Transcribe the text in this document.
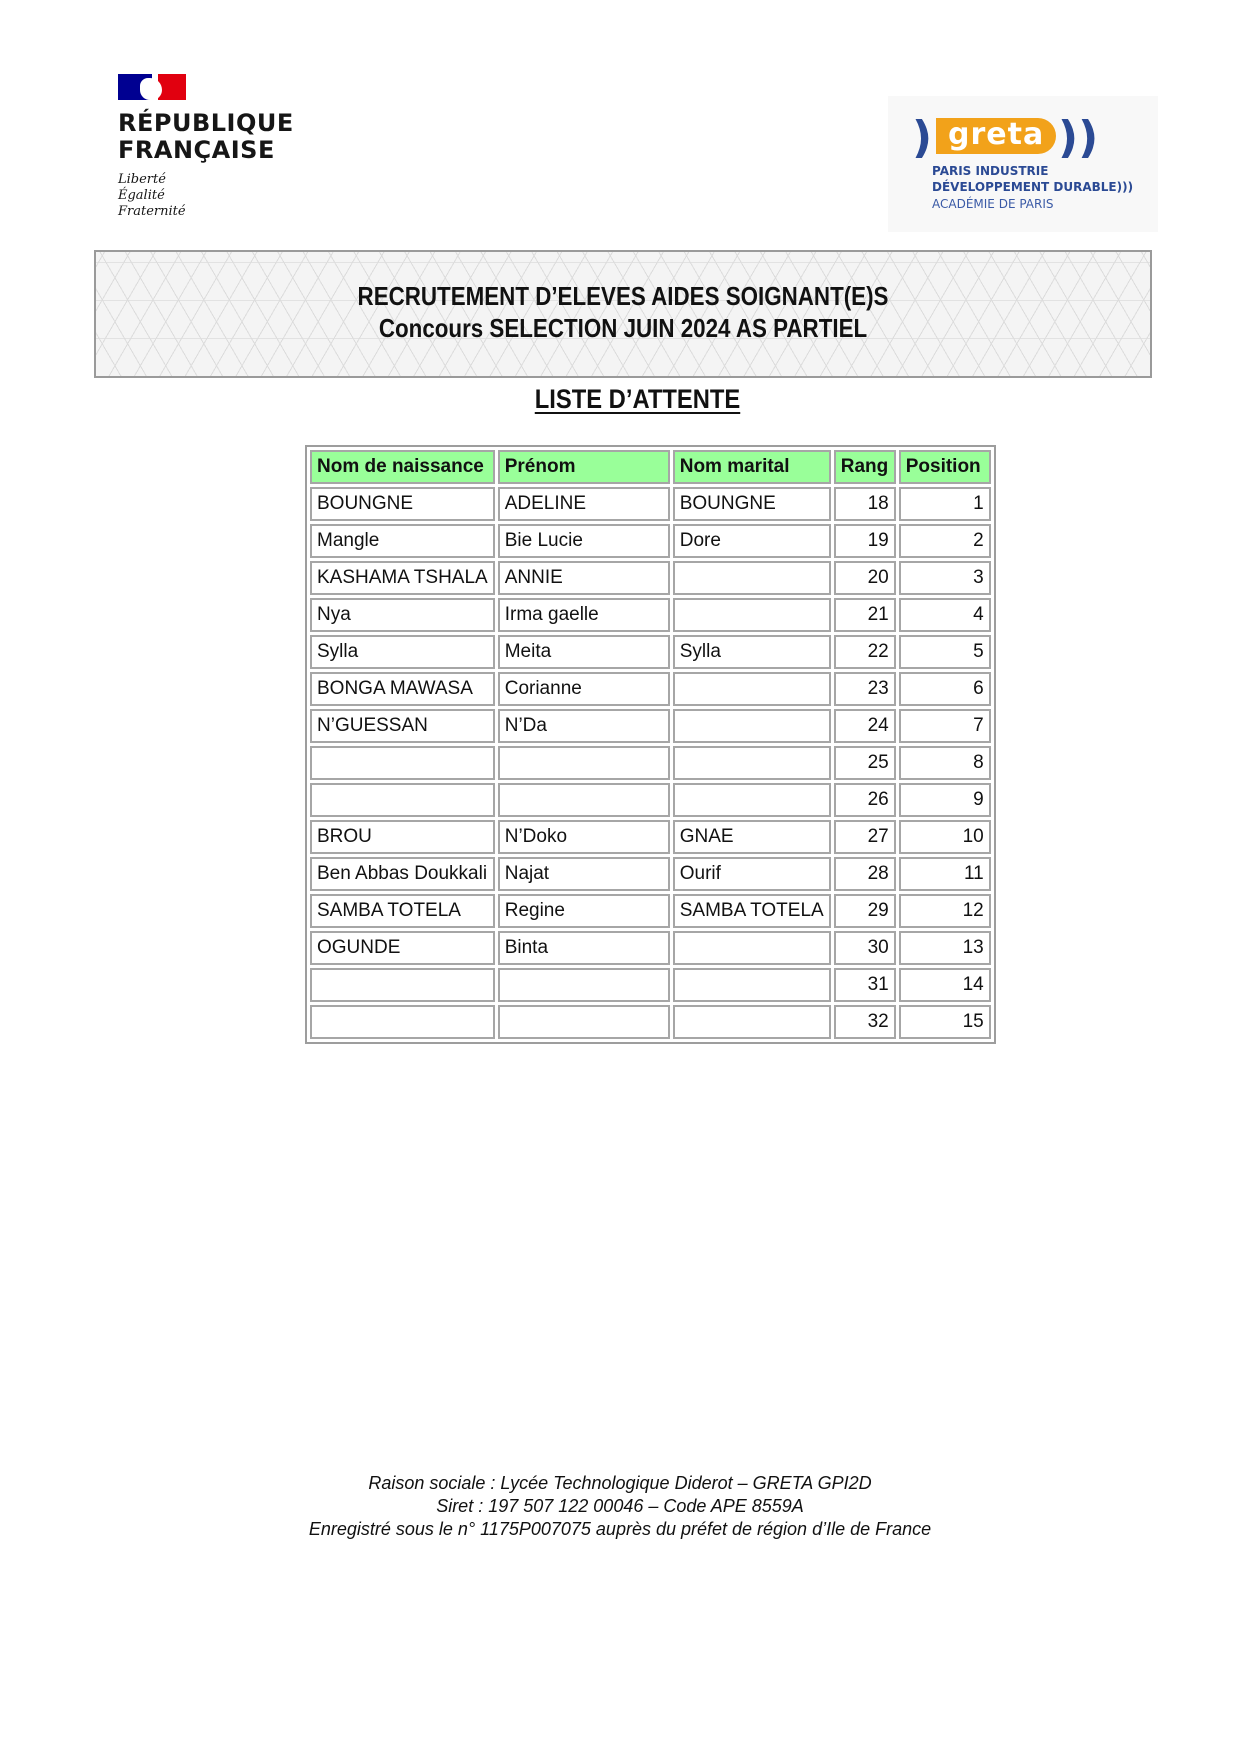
RÉPUBLIQUE
FRANÇAISE
Liberté
Égalité
Fraternité
) greta ))
PARIS INDUSTRIE
DÉVELOPPEMENT DURABLE)))
ACADÉMIE DE PARIS
RECRUTEMENT D’ELEVES AIDES SOIGNANT(E)S
Concours SELECTION JUIN 2024 AS PARTIEL
LISTE D’ATTENTE
Nom de naissance	Prénom	Nom marital	Rang	Position
BOUNGNE	ADELINE	BOUNGNE	18	1
Mangle	Bie Lucie	Dore	19	2
KASHAMA TSHALA	ANNIE		20	3
Nya	Irma gaelle		21	4
Sylla	Meita	Sylla	22	5
BONGA MAWASA	Corianne		23	6
N’GUESSAN	N’Da		24	7
			25	8
			26	9
BROU	N’Doko	GNAE	27	10
Ben Abbas Doukkali	Najat	Ourif	28	11
SAMBA TOTELA	Regine	SAMBA TOTELA	29	12
OGUNDE	Binta		30	13
			31	14
			32	15
Raison sociale : Lycée Technologique Diderot – GRETA GPI2D
Siret : 197 507 122 00046 – Code APE 8559A
Enregistré sous le n° 1175P007075 auprès du préfet de région d’Ile de France
